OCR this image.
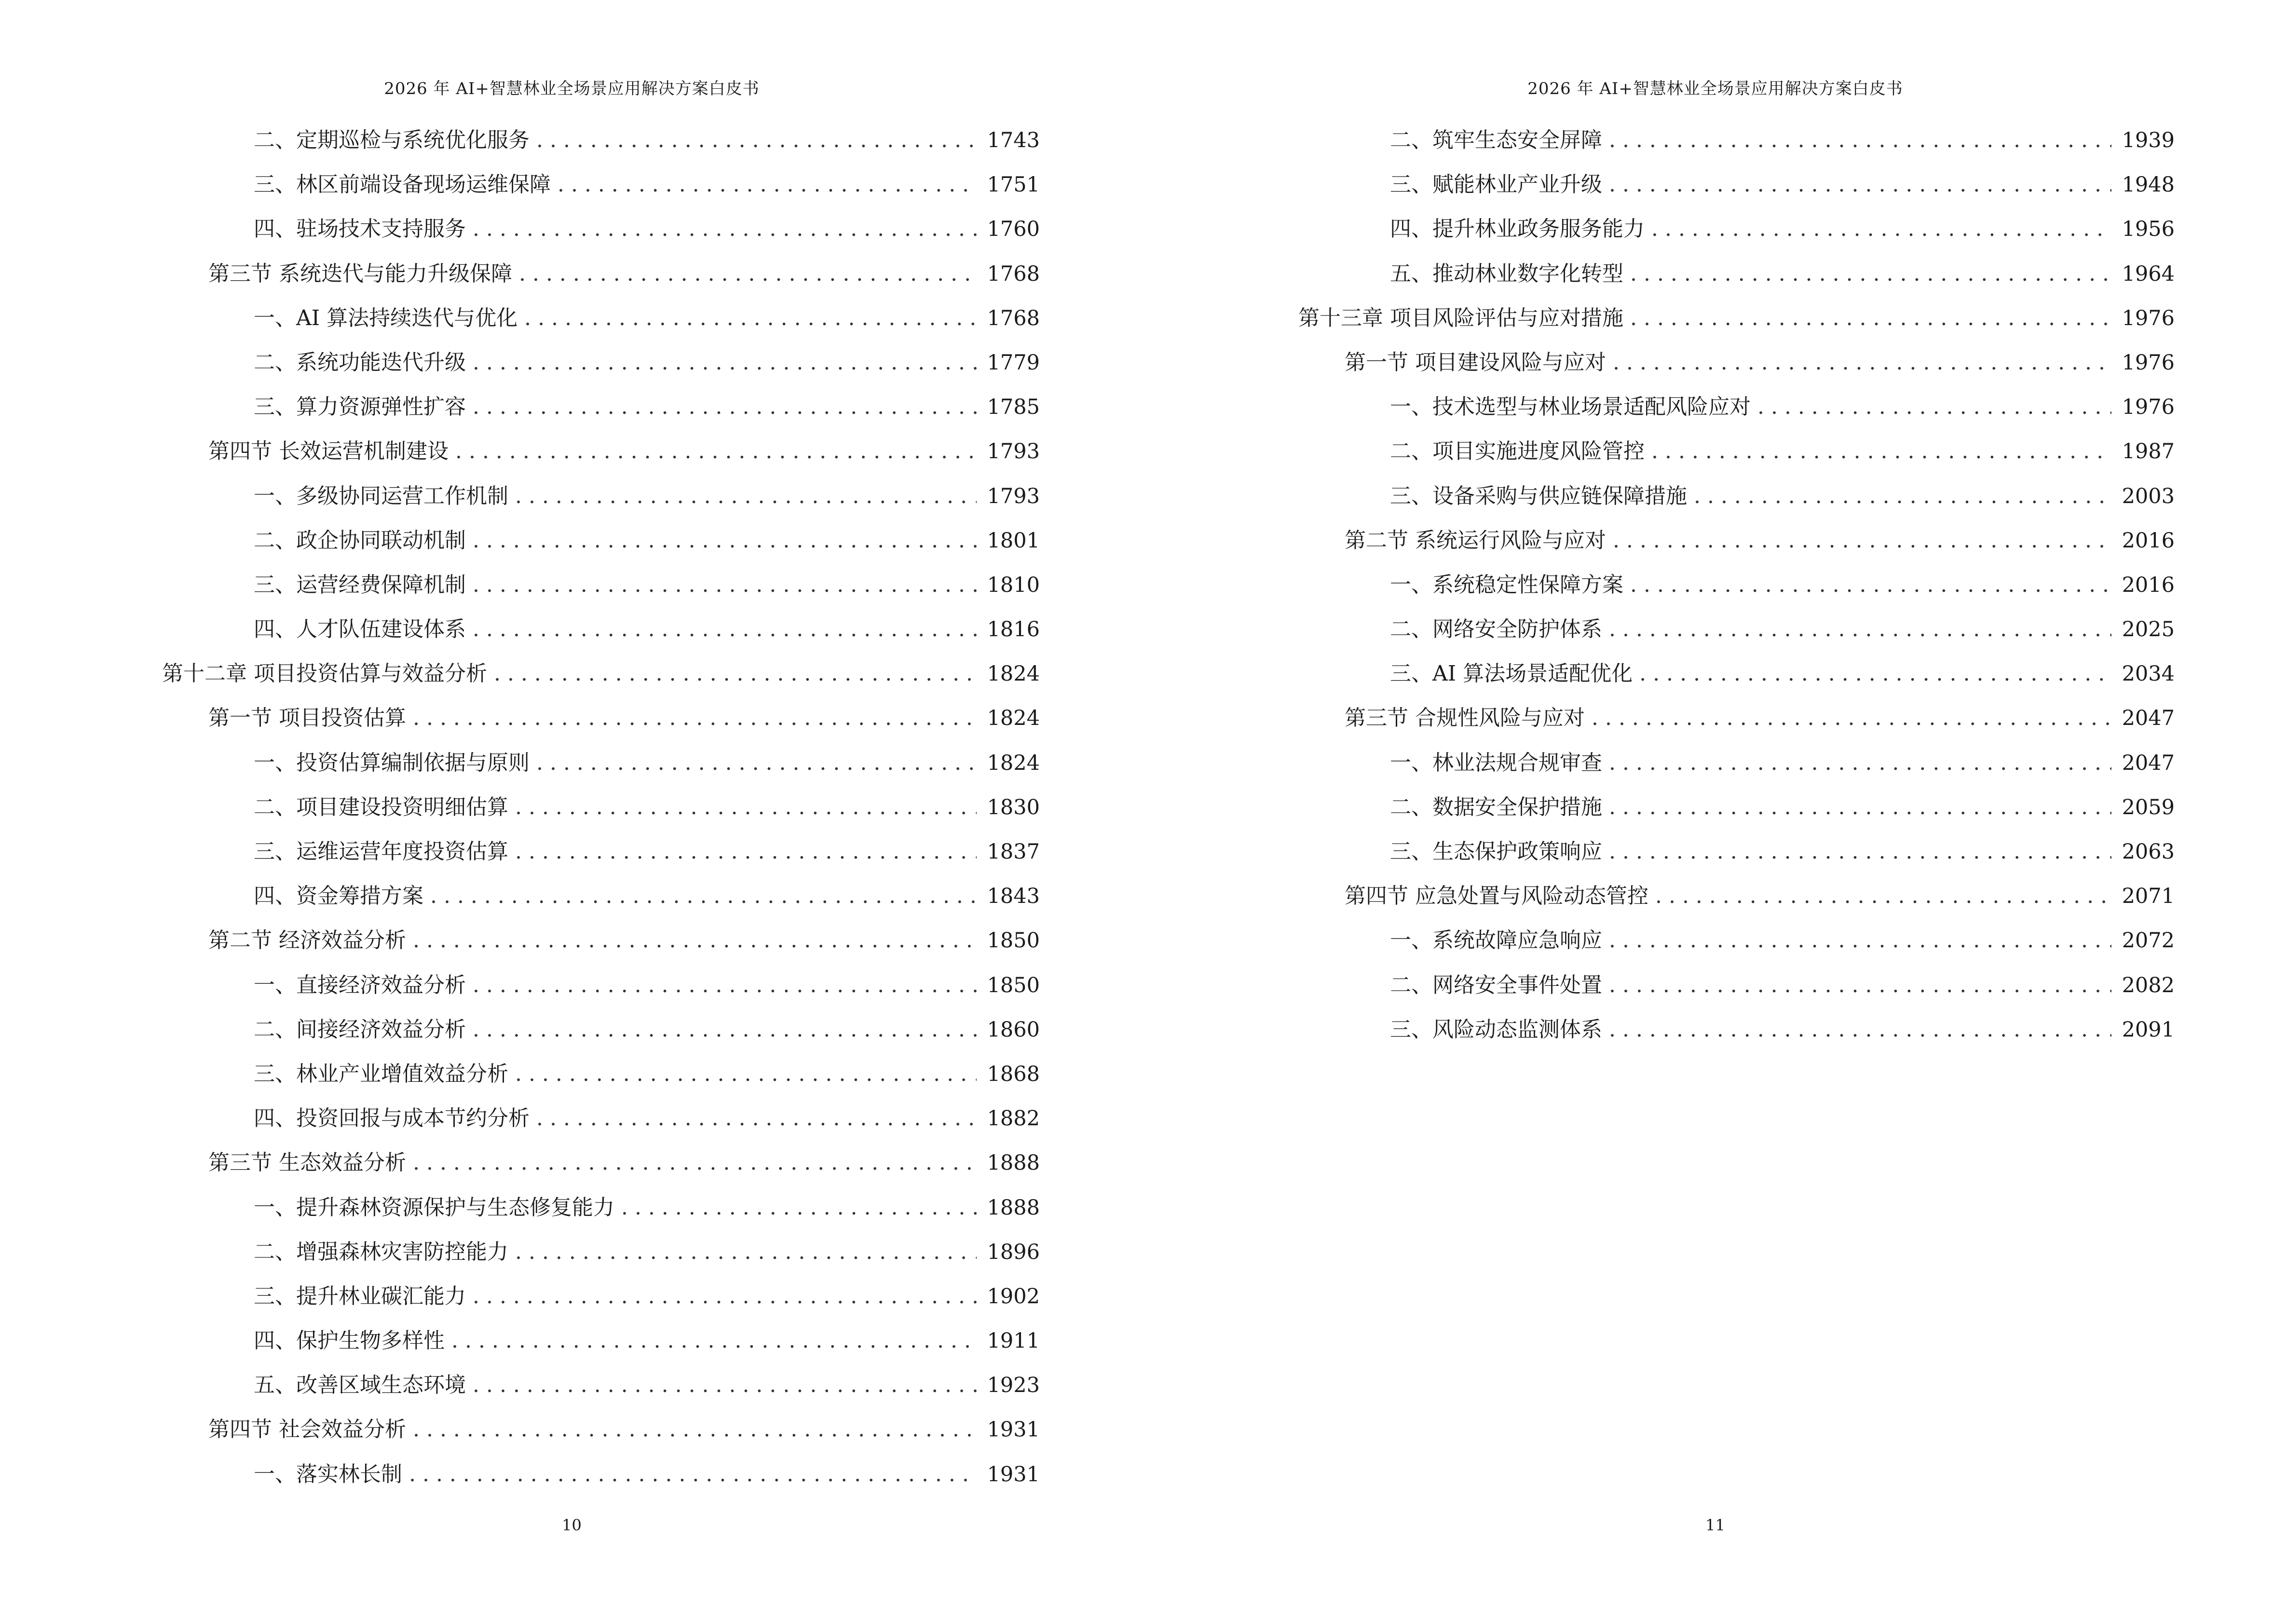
2026 年 AI+智慧林业全场景应用解决方案白皮书
二、定期巡检与系统优化服务 . . .	1743
三、林区前端设备现场运维保障 . . .	1751
四、驻场技术支持服务 . . .	1760
第三节 系统迭代与能力升级保障 . . .	1768
一、AI 算法持续迭代与优化 . . .	1768
二、系统功能迭代升级 . . .	1779
三、算力资源弹性扩容 . . .	1785
第四节 长效运营机制建设 . . .	1793
一、多级协同运营工作机制 . . .	1793
二、政企协同联动机制 . . .	1801
三、运营经费保障机制 . . .	1810
四、人才队伍建设体系 . . .	1816
第十二章 项目投资估算与效益分析 . . .	1824
第一节 项目投资估算 . . .	1824
一、投资估算编制依据与原则 . . .	1824
二、项目建设投资明细估算 . . .	1830
三、运维运营年度投资估算 . . .	1837
四、资金筹措方案 . . .	1843
第二节 经济效益分析 . . .	1850
一、直接经济效益分析 . . .	1850
二、间接经济效益分析 . . .	1860
三、林业产业增值效益分析 . . .	1868
四、投资回报与成本节约分析 . . .	1882
第三节 生态效益分析 . . .	1888
一、提升森林资源保护与生态修复能力 . . .	1888
二、增强森林灾害防控能力 . . .	1896
三、提升林业碳汇能力 . . .	1902
四、保护生物多样性 . . .	1911
五、改善区域生态环境 . . .	1923
第四节 社会效益分析 . . .	1931
一、落实林长制 . . .	1931
10
2026 年 AI+智慧林业全场景应用解决方案白皮书
二、筑牢生态安全屏障 . . .	1939
三、赋能林业产业升级 . . .	1948
四、提升林业政务服务能力 . . .	1956
五、推动林业数字化转型 . . .	1964
第十三章 项目风险评估与应对措施 . . .	1976
第一节 项目建设风险与应对 . . .	1976
一、技术选型与林业场景适配风险应对 . . .	1976
二、项目实施进度风险管控 . . .	1987
三、设备采购与供应链保障措施 . . .	2003
第二节 系统运行风险与应对 . . .	2016
一、系统稳定性保障方案 . . .	2016
二、网络安全防护体系 . . .	2025
三、AI 算法场景适配优化 . . .	2034
第三节 合规性风险与应对 . . .	2047
一、林业法规合规审查 . . .	2047
二、数据安全保护措施 . . .	2059
三、生态保护政策响应 . . .	2063
第四节 应急处置与风险动态管控 . . .	2071
一、系统故障应急响应 . . .	2072
二、网络安全事件处置 . . .	2082
三、风险动态监测体系 . . .	2091
11
